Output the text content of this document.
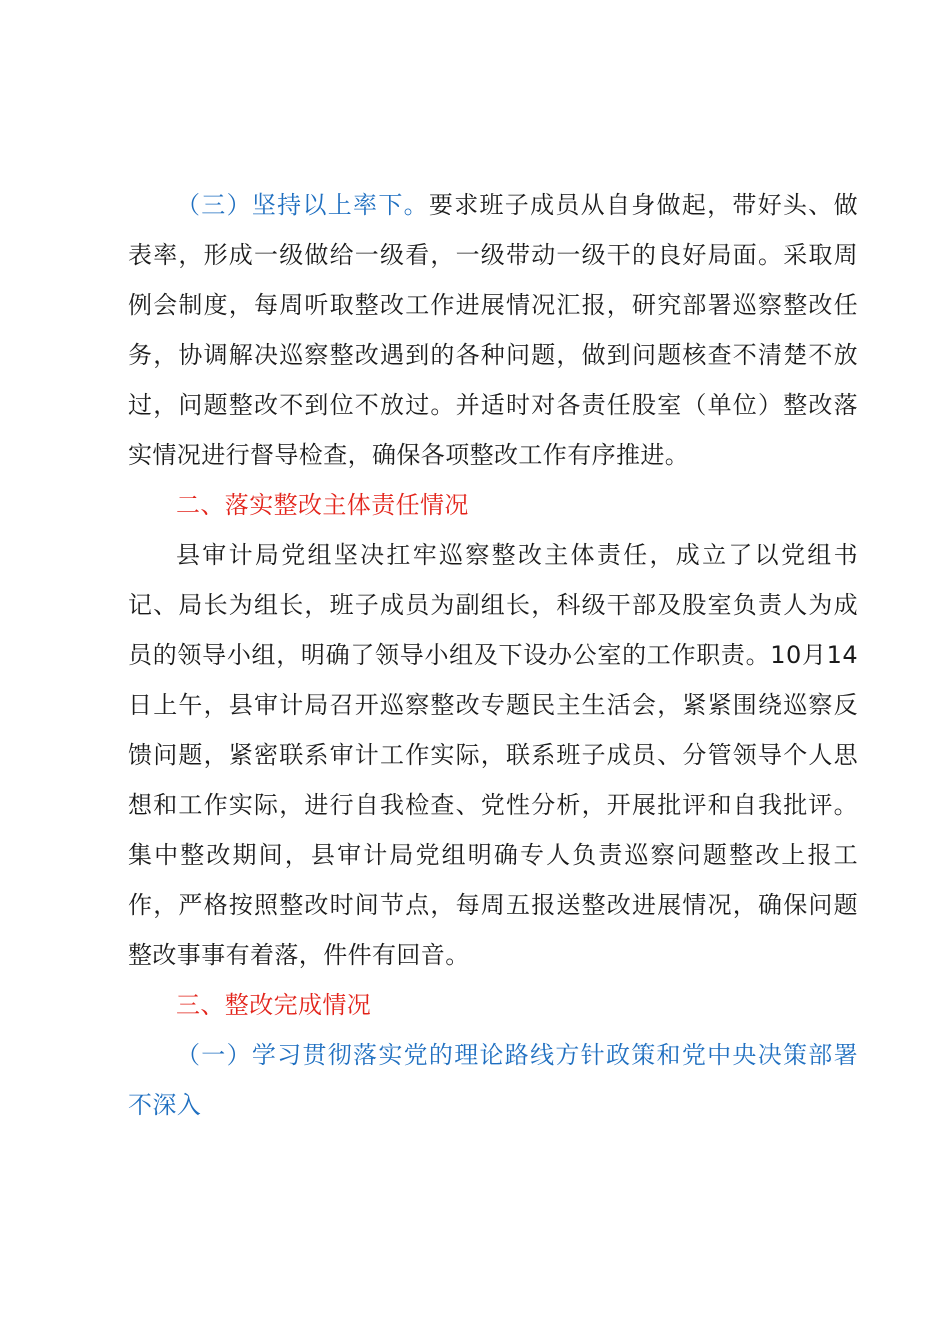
（三）坚持以上率下。要求班子成员从自身做起，带好头、做表率，形成一级做给一级看，一级带动一级干的良好局面。采取周例会制度，每周听取整改工作进展情况汇报，研究部署巡察整改任务，协调解决巡察整改遇到的各种问题，做到问题核查不清楚不放过，问题整改不到位不放过。并适时对各责任股室（单位）整改落实情况进行督导检查，确保各项整改工作有序推进。

二、落实整改主体责任情况

县审计局党组坚决扛牢巡察整改主体责任，成立了以党组书记、局长为组长，班子成员为副组长，科级干部及股室负责人为成员的领导小组，明确了领导小组及下设办公室的工作职责。10月14日上午，县审计局召开巡察整改专题民主生活会，紧紧围绕巡察反馈问题，紧密联系审计工作实际，联系班子成员、分管领导个人思想和工作实际，进行自我检查、党性分析，开展批评和自我批评。集中整改期间，县审计局党组明确专人负责巡察问题整改上报工作，严格按照整改时间节点，每周五报送整改进展情况，确保问题整改事事有着落，件件有回音。

三、整改完成情况

（一）学习贯彻落实党的理论路线方针政策和党中央决策部署不深入
